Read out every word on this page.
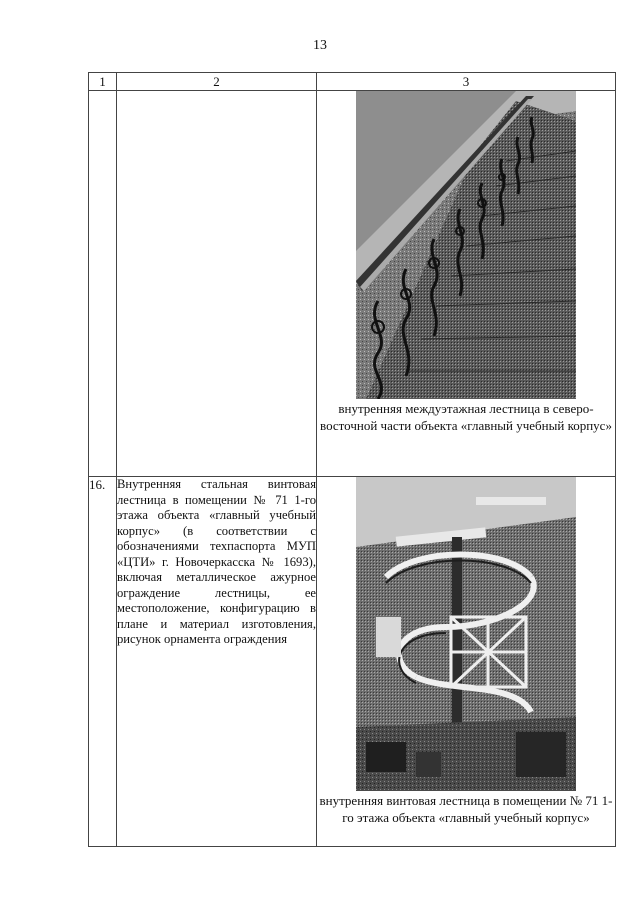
13
1	2	3

		внутренняя междуэтажная лестница в северо-восточной части объекта «главный учебный корпус»

16.	Внутренняя стальная винтовая лестница в помещении № 71 1-го этажа объекта «главный учебный корпус» (в соответствии с обозначениями техпаспорта МУП «ЦТИ» г. Новочеркасска № 1693), включая металлическое ажурное ограждение лестницы, ее местоположение, конфигурацию в плане и материал изготовления, рисунок орнамента ограждения	внутренняя винтовая лестница в помещении № 71 1-го этажа объекта «главный учебный корпус»
